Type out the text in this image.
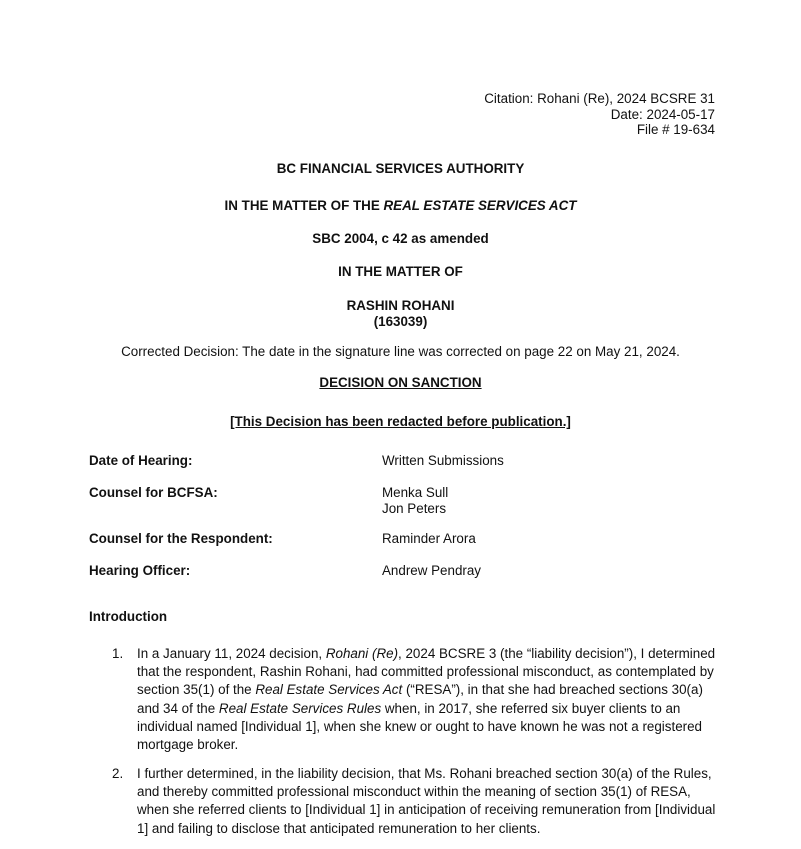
Citation: Rohani (Re), 2024 BCSRE 31
Date: 2024-05-17
File # 19-634
BC FINANCIAL SERVICES AUTHORITY
IN THE MATTER OF THE REAL ESTATE SERVICES ACT
SBC 2004, c 42 as amended
IN THE MATTER OF
RASHIN ROHANI
(163039)
Corrected Decision: The date in the signature line was corrected on page 22 on May 21, 2024.
DECISION ON SANCTION
[This Decision has been redacted before publication.]
Date of Hearing:	Written Submissions
Counsel for BCFSA:	Menka Sull
Jon Peters
Counsel for the Respondent:	Raminder Arora
Hearing Officer:	Andrew Pendray
Introduction
1. In a January 11, 2024 decision, Rohani (Re), 2024 BCSRE 3 (the “liability decision”), I determined
that the respondent, Rashin Rohani, had committed professional misconduct, as contemplated by
section 35(1) of the Real Estate Services Act (“RESA”), in that she had breached sections 30(a)
and 34 of the Real Estate Services Rules when, in 2017, she referred six buyer clients to an
individual named [Individual 1], when she knew or ought to have known he was not a registered
mortgage broker.
2. I further determined, in the liability decision, that Ms. Rohani breached section 30(a) of the Rules,
and thereby committed professional misconduct within the meaning of section 35(1) of RESA,
when she referred clients to [Individual 1] in anticipation of receiving remuneration from [Individual
1] and failing to disclose that anticipated remuneration to her clients.
